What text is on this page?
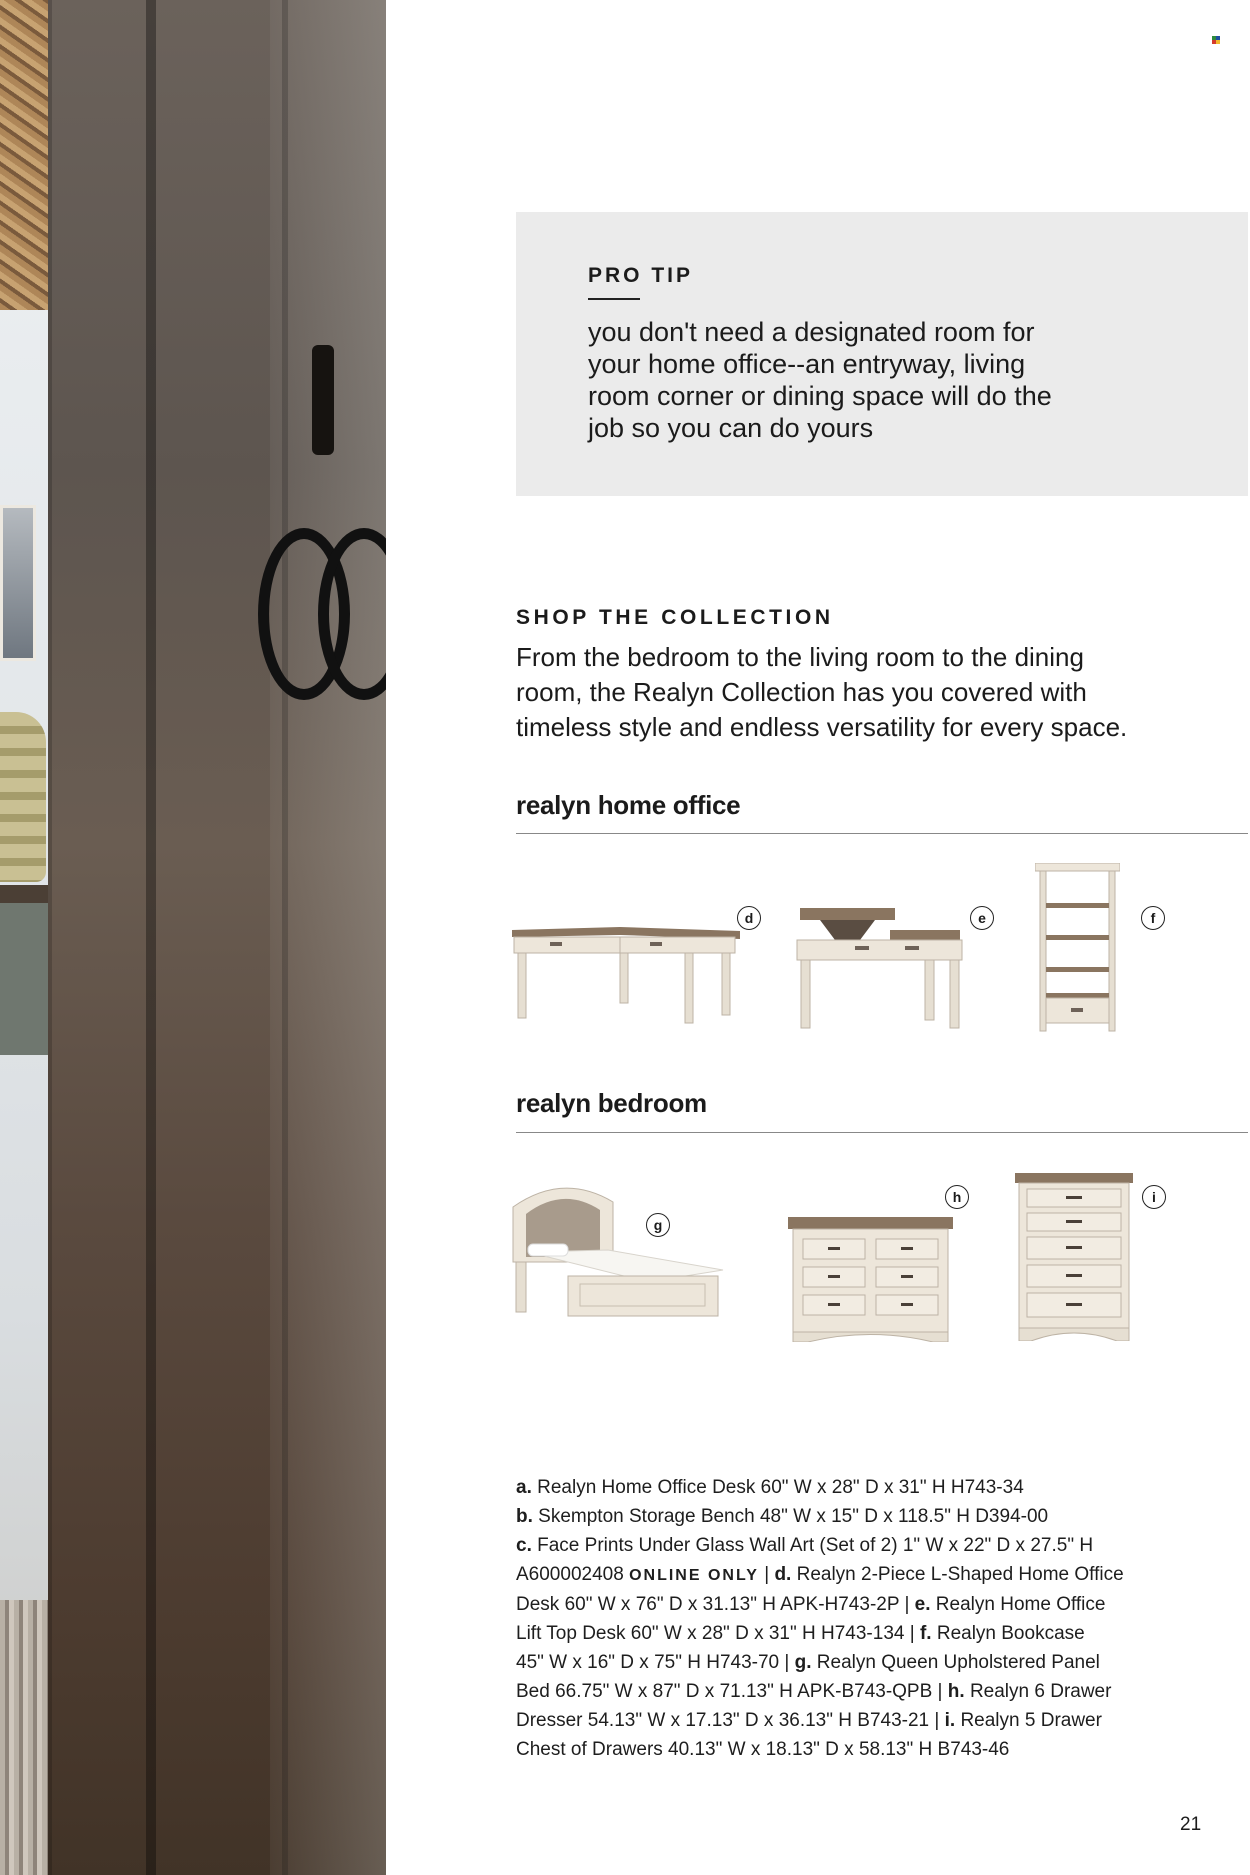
PRO TIP

you don't need a designated room for
your home office--an entryway, living
room corner or dining space will do the
job so you can do yours

SHOP THE COLLECTION

From the bedroom to the living room to the dining
room, the Realyn Collection has you covered with
timeless style and endless versatility for every space.

realyn home office
d	e	f
realyn bedroom
g
h	i

a. Realyn Home Office Desk 60" W x 28" D x 31" H H743-34
b. Skempton Storage Bench 48" W x 15" D x 118.5" H D394-00
c. Face Prints Under Glass Wall Art (Set of 2) 1" W x 22" D x 27.5" H
A600002408 ONLINE ONLY | d. Realyn 2-Piece L-Shaped Home Office
Desk 60" W x 76" D x 31.13" H APK-H743-2P | e. Realyn Home Office
Lift Top Desk 60" W x 28" D x 31" H H743-134 | f. Realyn Bookcase
45" W x 16" D x 75" H H743-70 | g. Realyn Queen Upholstered Panel
Bed 66.75" W x 87" D x 71.13" H APK-B743-QPB | h. Realyn 6 Drawer
Dresser 54.13" W x 17.13" D x 36.13" H B743-21 | i. Realyn 5 Drawer
Chest of Drawers 40.13" W x 18.13" D x 58.13" H B743-46

21
